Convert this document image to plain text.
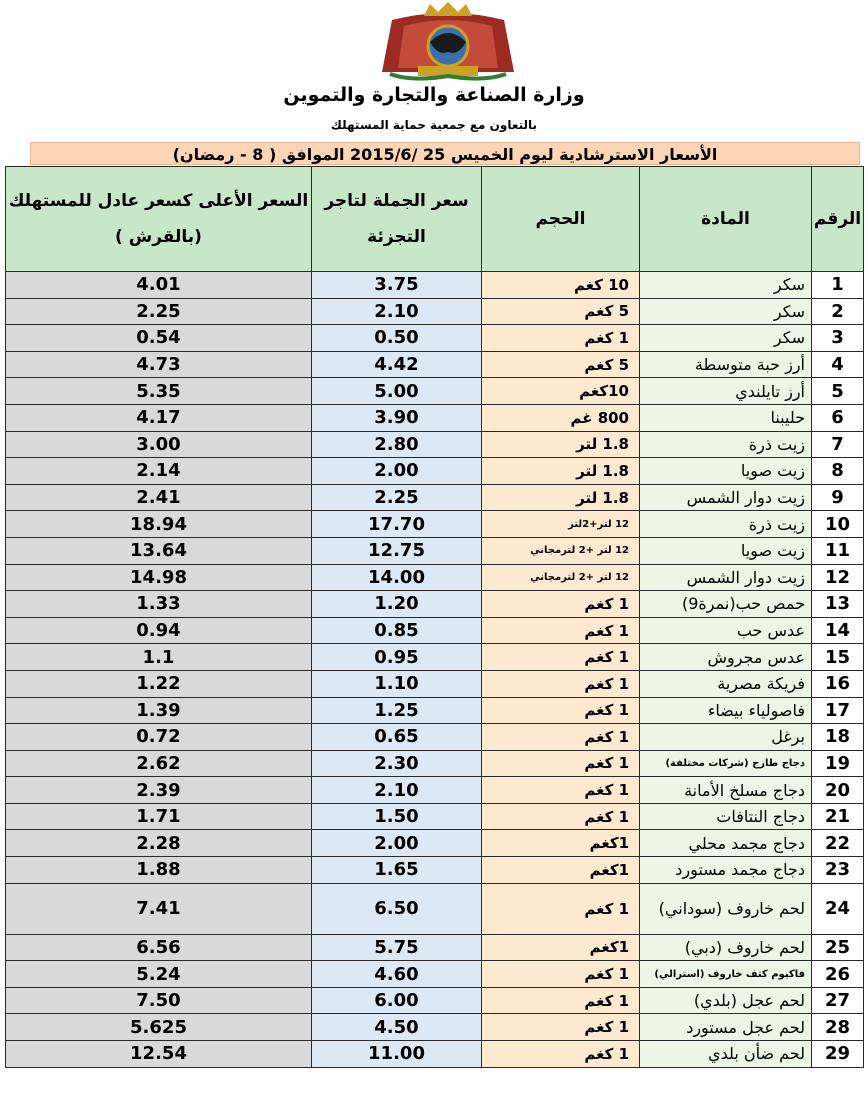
وزارة الصناعة والتجارة والتموين
بالتعاون مع جمعية حماية المستهلك
الأسعار الاسترشادية ليوم الخميس 25 /2015/6 الموافق ( 8 - رمضان)
الرقم	المادة	الحجم	سعر الجملة لتاجر التجزئة	السعر الأعلى كسعر عادل للمستهلك (بالقرش )
1	سكر	10 كغم	3.75	4.01
2	سكر	5 كغم	2.10	2.25
3	سكر	1 كغم	0.50	0.54
4	أرز حبة متوسطة	5 كغم	4.42	4.73
5	أرز تايلندي	10كغم	5.00	5.35
6	حليبنا	800 غم	3.90	4.17
7	زيت ذرة	1.8 لتر	2.80	3.00
8	زيت صويا	1.8 لتر	2.00	2.14
9	زيت دوار الشمس	1.8 لتر	2.25	2.41
10	زيت ذرة	12 لتر+2لتر	17.70	18.94
11	زيت صويا	12 لتر +2 لترمجاني	12.75	13.64
12	زيت دوار الشمس	12 لتر +2 لترمجاني	14.00	14.98
13	حمص حب(نمرة9)	1 كغم	1.20	1.33
14	عدس حب	1 كغم	0.85	0.94
15	عدس مجروش	1 كغم	0.95	1.1
16	فريكة مصرية	1 كغم	1.10	1.22
17	فاصولياء بيضاء	1 كغم	1.25	1.39
18	برغل	1 كغم	0.65	0.72
19	دجاج طازج (شركات مختلفة)	1 كغم	2.30	2.62
20	دجاج مسلخ الأمانة	1 كغم	2.10	2.39
21	دجاج النتافات	1 كغم	1.50	1.71
22	دجاج مجمد محلي	1كغم	2.00	2.28
23	دجاج مجمد مستورد	1كغم	1.65	1.88
24	لحم خاروف (سوداني)	1 كغم	6.50	7.41
25	لحم خاروف (دبي)	1كغم	5.75	6.56
26	فاكيوم كتف خاروف (استرالي)	1 كغم	4.60	5.24
27	لحم عجل (بلدي)	1 كغم	6.00	7.50
28	لحم عجل مستورد	1 كغم	4.50	5.625
29	لحم ضأن بلدي	1 كغم	11.00	12.54
